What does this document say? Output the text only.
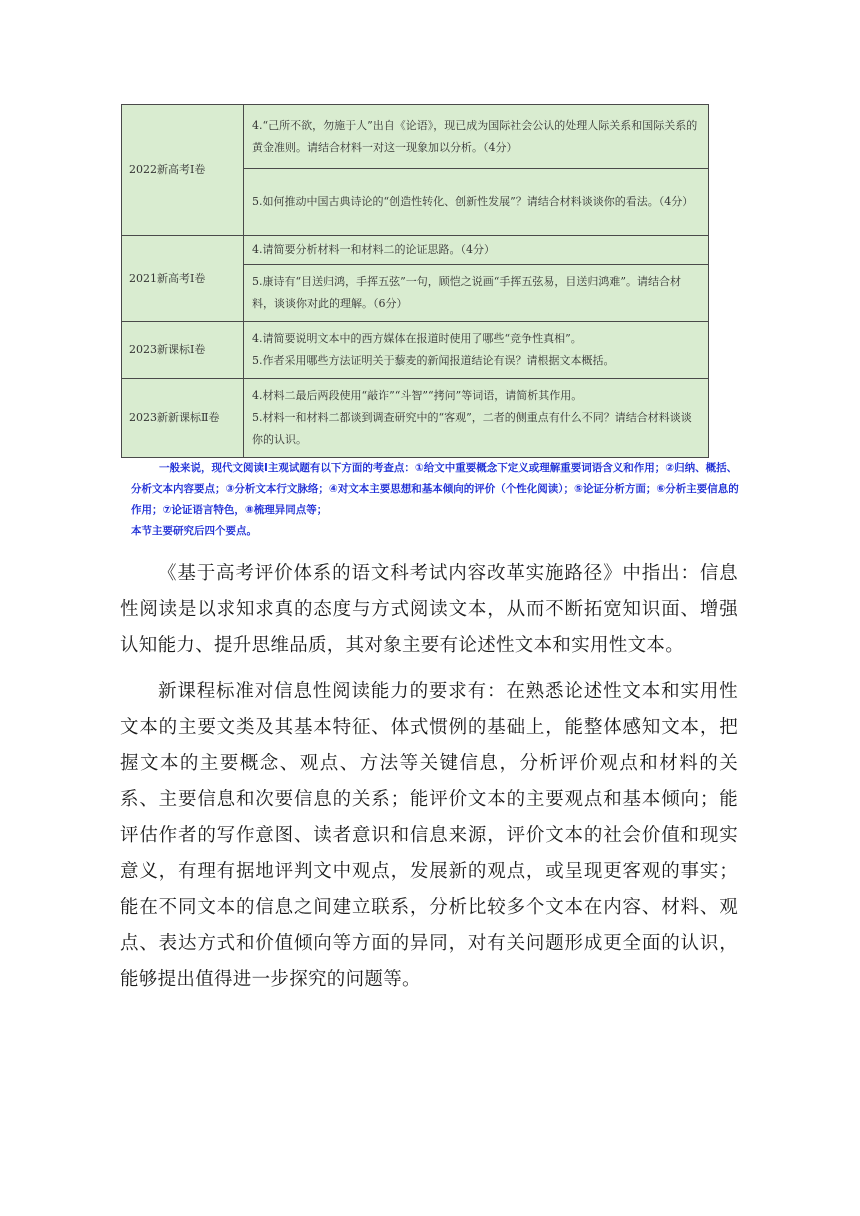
2022新高考Ⅰ卷	4.“己所不欲，勿施于人”出自《论语》，现已成为国际社会公认的处理人际关系和国际关系的黄金准则。请结合材料一对这一现象加以分析。（4分）

	5.如何推动中国古典诗论的“创造性转化、创新性发展”？请结合材料谈谈你的看法。（4分）

2021新高考Ⅰ卷	4.请简要分析材料一和材料二的论证思路。（4分）

	5.康诗有“目送归鸿，手挥五弦”一句，顾恺之说画“手挥五弦易，目送归鸿难”。请结合材料，谈谈你对此的理解。（6分）

2023新课标Ⅰ卷	4.请简要说明文本中的西方媒体在报道时使用了哪些“竞争性真相”。

5.作者采用哪些方法证明关于藜麦的新闻报道结论有误？请根据文本概括。

2023新新课标Ⅱ卷	4.材料二最后两段使用“敲诈”“斗智”“拷问”等词语，请简析其作用。

5.材料一和材料二都谈到调查研究中的“客观”，二者的侧重点有什么不同？请结合材料谈谈你的认识。

一般来说，现代文阅读Ⅰ主观试题有以下方面的考查点：①给文中重要概念下定义或理解重要词语含义和作用；②归纳、概括、分析文本内容要点；③分析文本行文脉络；④对文本主要思想和基本倾向的评价（个性化阅读）；⑤论证分析方面；⑥分析主要信息的作用；⑦论证语言特色，⑧梳理异同点等；

本节主要研究后四个要点。

《基于高考评价体系的语文科考试内容改革实施路径》中指出：信息性阅读是以求知求真的态度与方式阅读文本，从而不断拓宽知识面、增强认知能力、提升思维品质，其对象主要有论述性文本和实用性文本。

新课程标准对信息性阅读能力的要求有：在熟悉论述性文本和实用性文本的主要文类及其基本特征、体式惯例的基础上，能整体感知文本，把握文本的主要概念、观点、方法等关键信息，分析评价观点和材料的关系、主要信息和次要信息的关系；能评价文本的主要观点和基本倾向；能评估作者的写作意图、读者意识和信息来源，评价文本的社会价值和现实意义，有理有据地评判文中观点，发展新的观点，或呈现更客观的事实；能在不同文本的信息之间建立联系，分析比较多个文本在内容、材料、观点、表达方式和价值倾向等方面的异同，对有关问题形成更全面的认识，能够提出值得进一步探究的问题等。
